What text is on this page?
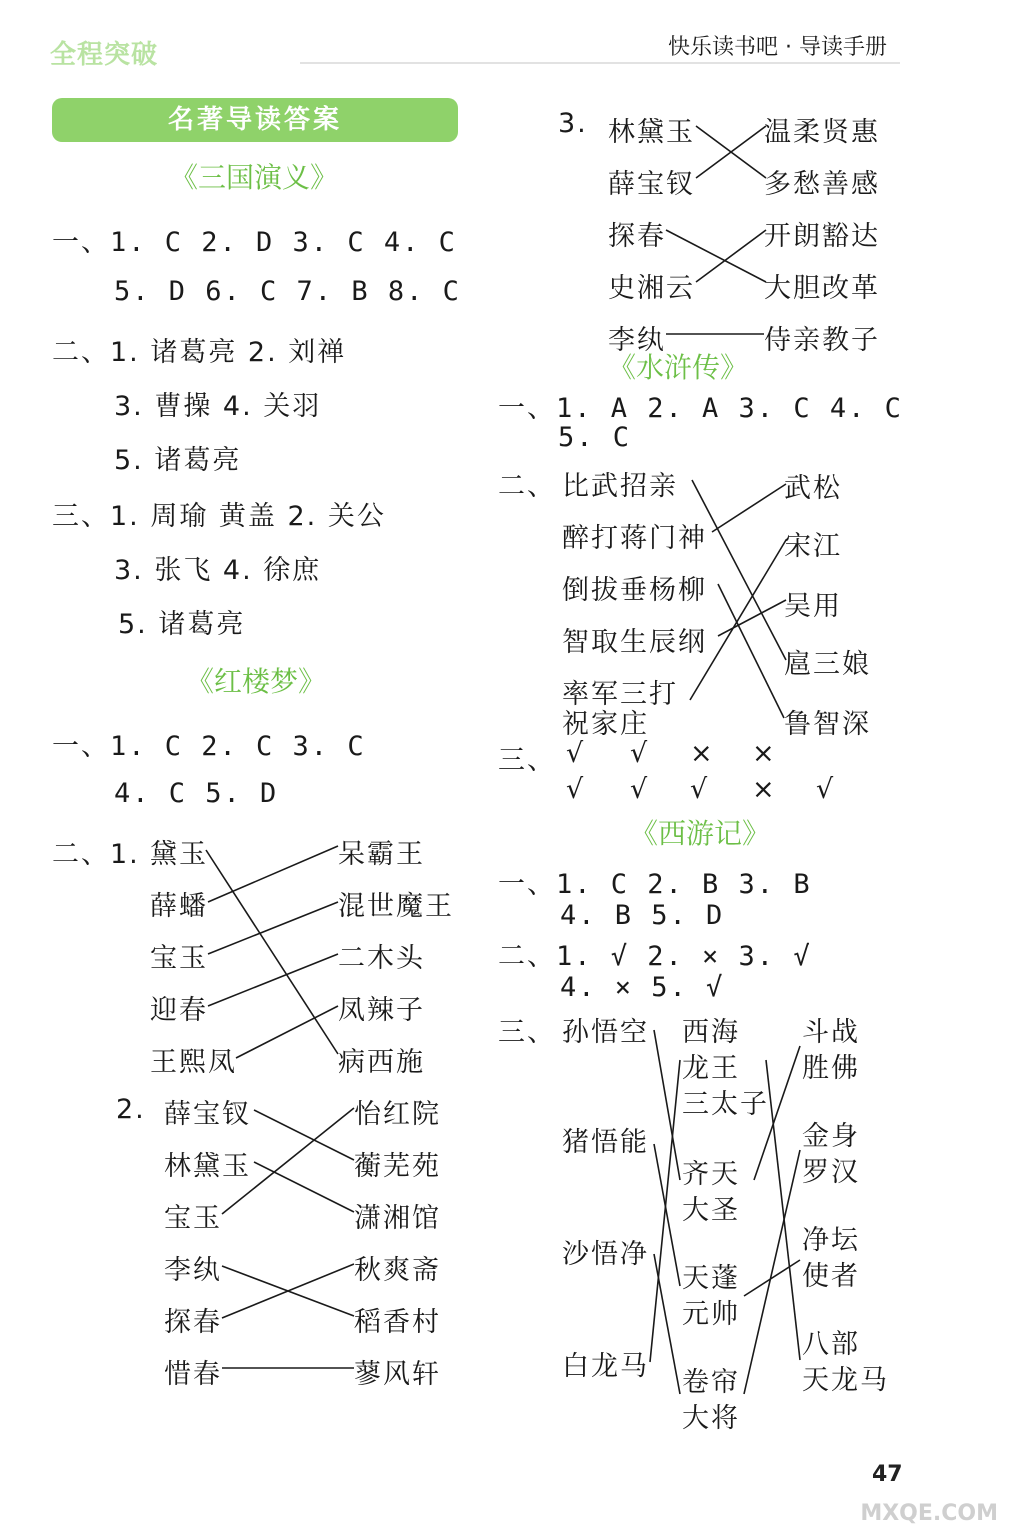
全程突破	快乐读书吧 · 导读手册
名著导读答案
《三国演义》
一、1. C 2. D 3. C 4. C
5. D 6. C 7. B 8. C
二、1. 诸葛亮 2. 刘禅
3. 曹操 4. 关羽
5. 诸葛亮
三、1. 周瑜 黄盖 2. 关公
3. 张飞 4. 徐庶
5. 诸葛亮
《红楼梦》
一、1. C 2. C 3. C
4. C 5. D
二、1. 黛玉
薛蟠
宝玉
迎春
王熙凤
呆霸王
混世魔王
二木头
凤辣子
病西施
2. 薛宝钗
林黛玉
宝玉
李纨
探春
惜春
怡红院
蘅芜苑
潇湘馆
秋爽斋
稻香村
蓼风轩
3. 林黛玉
薛宝钗
探春
史湘云
李纨
温柔贤惠
多愁善感
开朗豁达
大胆改革
侍亲教子
《水浒传》
一、1. A 2. A 3. C 4. C
5. C
二、 比武招亲
醉打蒋门神
倒拔垂杨柳
智取生辰纲
率军三打
祝家庄
武松
宋江
吴用
扈三娘
鲁智深
三、 √ √ × ×
√ √ √ × √
《西游记》
一、1. C 2. B 3. B
4. B 5. D
二、1. √ 2. × 3. √
4. × 5. √
三、 孙悟空
猪悟能
沙悟净
白龙马
西海
龙王
三太子
齐天
大圣
天蓬
元帅
卷帘
大将
斗战
胜佛
金身
罗汉
净坛
使者
八部
天龙马
47
MXQE.COM
